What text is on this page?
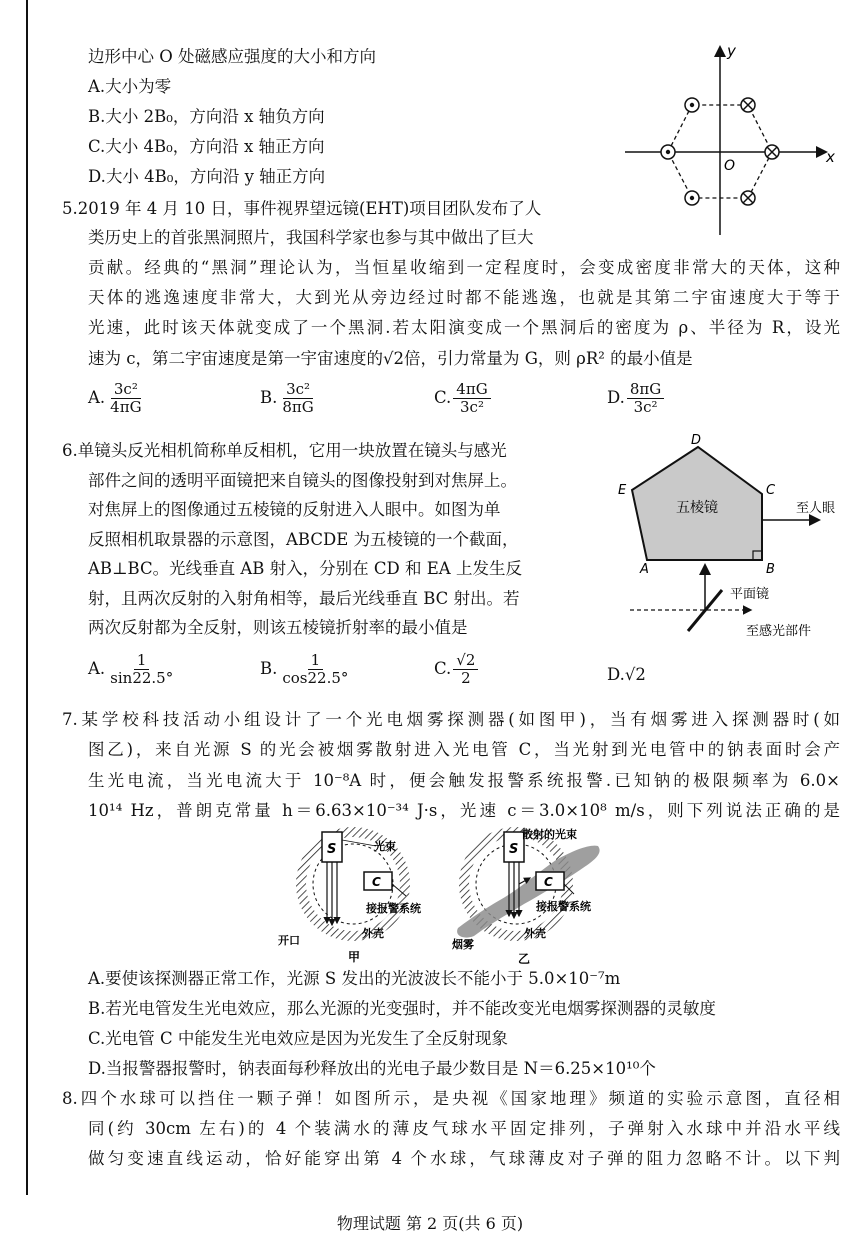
边形中心 O 处磁感应强度的大小和方向
A.大小为零
B.大小 2B₀，方向沿 x 轴负方向
C.大小 4B₀，方向沿 x 轴正方向
D.大小 4B₀，方向沿 y 轴正方向
x
y
O
5.2019 年 4 月 10 日，事件视界望远镜(EHT)项目团队发布了人
类历史上的首张黑洞照片，我国科学家也参与其中做出了巨大
贡献。经典的“黑洞”理论认为，当恒星收缩到一定程度时，会变成密度非常大的天体，这种
天体的逃逸速度非常大，大到光从旁边经过时都不能逃逸，也就是其第二宇宙速度大于等于
光速，此时该天体就变成了一个黑洞.若太阳演变成一个黑洞后的密度为 ρ、半径为 R，设光
速为 c，第二宇宙速度是第一宇宙速度的√2倍，引力常量为 G，则 ρR² 的最小值是
A. $\frac{\text{3c²}}{4\pi G}$	B. $\frac{\text{3c²}}{8\pi G}$	C. $\frac{4\pi G}{\text{3c²}}$	D. $\frac{8\pi G}{\text{3c²}}$
6.单镜头反光相机简称单反相机，它用一块放置在镜头与感光
部件之间的透明平面镜把来自镜头的图像投射到对焦屏上。
对焦屏上的图像通过五棱镜的反射进入人眼中。如图为单
反照相机取景器的示意图，ABCDE 为五棱镜的一个截面，
AB⊥BC。光线垂直 AB 射入，分别在 CD 和 EA 上发生反
射，且两次反射的入射角相等，最后光线垂直 BC 射出。若
两次反射都为全反射，则该五棱镜折射率的最小值是
五棱镜
A	B
C
D
E
至人眼
平面镜
至感光部件
A. $\frac{1}{\sin 22.5^\circ}$	B. $\frac{1}{\cos 22.5^\circ}$	C. $\frac{√2}{2}$	D.√2
7.某学校科技活动小组设计了一个光电烟雾探测器(如图甲)，当有烟雾进入探测器时(如
图乙)，来自光源 S 的光会被烟雾散射进入光电管 C，当光射到光电管中的钠表面时会产
生光电流，当光电流大于 10⁻⁸A 时，便会触发报警系统报警.已知钠的极限频率为 6.0×
10¹⁴ Hz，普朗克常量 h＝6.63×10⁻³⁴ J·s，光速 c＝3.0×10⁸ m/s，则下列说法正确的是
S
C
光束
接报警系统
外壳
开口
甲
S
C
散射的光束
接报警系统
外壳
烟雾
乙
A.要使该探测器正常工作，光源 S 发出的光波波长不能小于 5.0×10⁻⁷m
B.若光电管发生光电效应，那么光源的光变强时，并不能改变光电烟雾探测器的灵敏度
C.光电管 C 中能发生光电效应是因为光发生了全反射现象
D.当报警器报警时，钠表面每秒释放出的光电子最少数目是 N＝6.25×10¹⁰个
8.四个水球可以挡住一颗子弹！如图所示，是央视《国家地理》频道的实验示意图，直径相
同(约 30cm 左右)的 4 个装满水的薄皮气球水平固定排列，子弹射入水球中并沿水平线
做匀变速直线运动，恰好能穿出第 4 个水球，气球薄皮对子弹的阻力忽略不计。以下判
物理试题 第 2 页(共 6 页)
